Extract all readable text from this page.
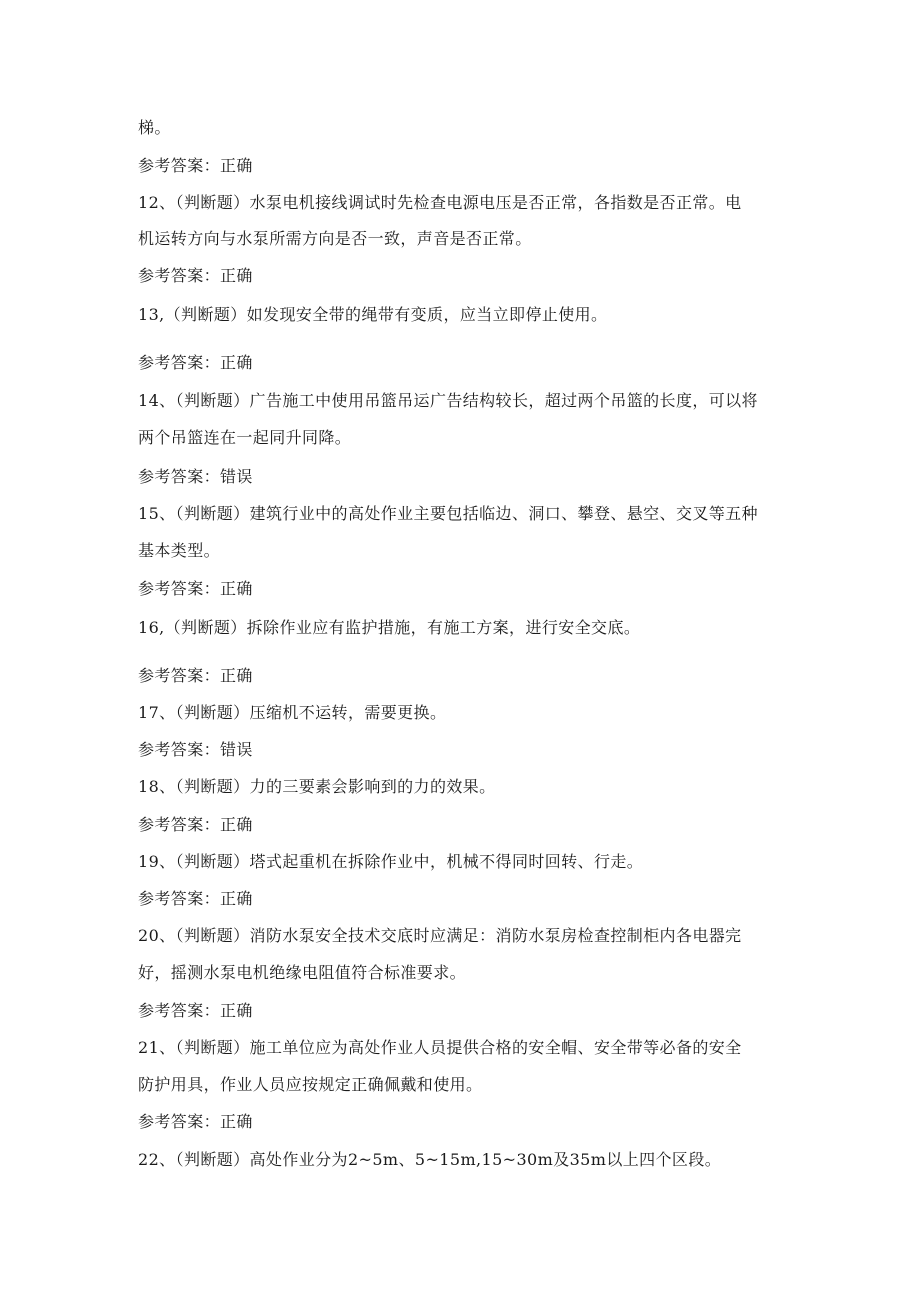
梯。
参考答案：正确
12、（判断题）水泵电机接线调试时先检查电源电压是否正常，各指数是否正常。电
机运转方向与水泵所需方向是否一致，声音是否正常。
参考答案：正确
13,（判断题）如发现安全带的绳带有变质，应当立即停止使用。
参考答案：正确
14、（判断题）广告施工中使用吊篮吊运广告结构较长，超过两个吊篮的长度，可以将
两个吊篮连在一起同升同降。
参考答案：错误
15、（判断题）建筑行业中的高处作业主要包括临边、洞口、攀登、悬空、交叉等五种
基本类型。
参考答案：正确
16,（判断题）拆除作业应有监护措施，有施工方案，进行安全交底。
参考答案：正确
17、（判断题）压缩机不运转，需要更换。
参考答案：错误
18、（判断题）力的三要素会影响到的力的效果。
参考答案：正确
19、（判断题）塔式起重机在拆除作业中，机械不得同时回转、行走。
参考答案：正确
20、（判断题）消防水泵安全技术交底时应满足：消防水泵房检查控制柜内各电器完
好，摇测水泵电机绝缘电阻值符合标准要求。
参考答案：正确
21、（判断题）施工单位应为高处作业人员提供合格的安全帽、安全带等必备的安全
防护用具，作业人员应按规定正确佩戴和使用。
参考答案：正确
22、（判断题）高处作业分为2~5m、5~15m,15~30m及35m以上四个区段。
